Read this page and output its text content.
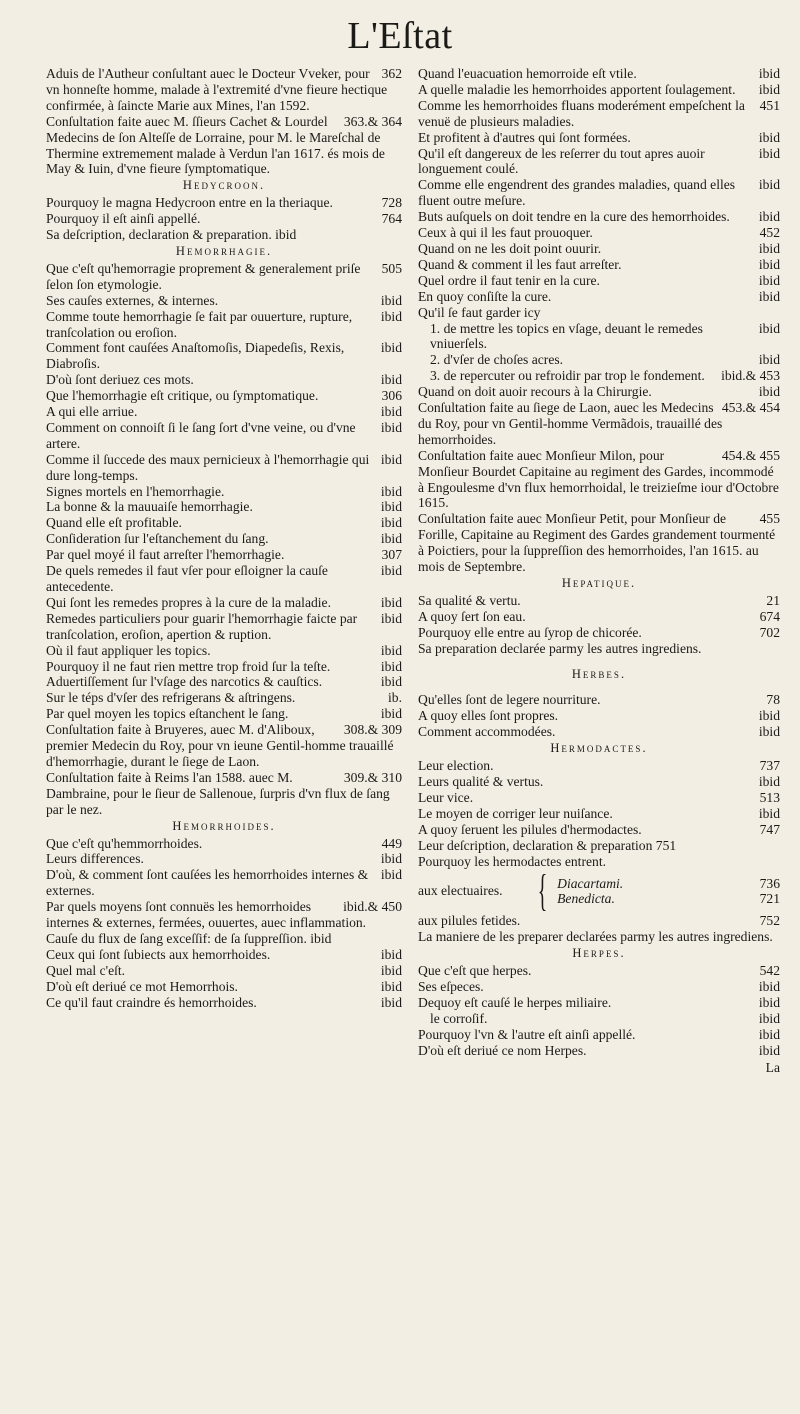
L'Eſtat
362
Aduis de l'Autheur conſultant auec le Docteur Vveker, pour vn honneſte homme, malade à l'extremité d'vne fieure hectique confirmée, à ſaincte Marie aux Mines, l'an 1592.
363.& 364
Conſultation faite auec M. ſſieurs Cachet & Lourdel Medecins de ſon Alteſſe de Lorraine, pour M. le Mareſchal de Thermine extremement malade à Verdun l'an 1617. és mois de May & Iuin, d'vne fieure ſymptomatique.
Hedycroon.
728
Pourquoy le magna Hedycroon entre en la theriaque.
764
Pourquoy il eſt ainſi appellé.
Sa deſcription, declaration & preparation. ibid
Hemorrhagie.
505
Que c'eſt qu'hemorragie proprement & generalement priſe ſelon ſon etymologie.
ibid
Ses cauſes externes, & internes.
ibid
Comme toute hemorrhagie ſe fait par ouuerture, rupture, tranſcolation ou eroſion.
ibid
Comment font cauſées Anaſtomoſis, Diapedeſis, Rexis, Diabroſis.
ibid
D'où ſont deriuez ces mots.
306
Que l'hemorrhagie eſt critique, ou ſymptomatique.
ibid
A qui elle arriue.
ibid
Comment on connoiſt ſi le ſang ſort d'vne veine, ou d'vne artere.
ibid
Comme il ſuccede des maux pernicieux à l'hemorrhagie qui dure long-temps.
ibid
Signes mortels en l'hemorrhagie.
ibid
La bonne & la mauuaiſe hemorrhagie.
ibid
Quand elle eſt profitable.
ibid
Conſideration ſur l'eſtanchement du ſang.
307
Par quel moyé il faut arreſter l'hemorrhagie.
ibid
De quels remedes il faut vſer pour eſloigner la cauſe antecedente.
ibid
Qui ſont les remedes propres à la cure de la maladie.
ibid
Remedes particuliers pour guarir l'hemorrhagie faicte par tranſcolation, eroſion, apertion & ruption.
ibid
Où il faut appliquer les topics.
ibid
Pourquoy il ne faut rien mettre trop froid ſur la teſte.
ibid
Aduertiſſement ſur l'vſage des narcotics & cauſtics.
ib.
Sur le téps d'vſer des refrigerans & aſtringens.
ibid
Par quel moyen les topics eſtanchent le ſang.
308.& 309
Conſultation faite à Bruyeres, auec M. d'Aliboux, premier Medecin du Roy, pour vn ieune Gentil-homme trauaillé d'hemorrhagie, durant le ſiege de Laon.
309.& 310
Conſultation faite à Reims l'an 1588. auec M. Dambraine, pour le ſieur de Sallenoue, ſurpris d'vn flux de ſang par le nez.
Hemorrhoides.
449
Que c'eſt qu'hemmorrhoides.
ibid
Leurs differences.
ibid
D'où, & comment ſont cauſées les hemorrhoides internes & externes.
ibid.& 450
Par quels moyens ſont connuës les hemorrhoides internes & externes, fermées, ouuertes, auec inflammation.
Cauſe du flux de ſang exceſſif: de ſa ſuppreſſion. ibid
ibid
Ceux qui ſont ſubiects aux hemorrhoides.
ibid
Quel mal c'eſt.
ibid
D'où eſt deriué ce mot Hemorrhois.
ibid
Ce qu'il faut craindre és hemorrhoides.
ibid
Quand l'euacuation hemorroide eſt vtile.
ibid
A quelle maladie les hemorrhoides apportent ſoulagement.
451
Comme les hemorrhoides fluans moderément empeſchent la venuë de plusieurs maladies.
ibid
Et profitent à d'autres qui ſont formées.
ibid
Qu'il eſt dangereux de les reſerrer du tout apres auoir longuement coulé.
ibid
Comme elle engendrent des grandes maladies, quand elles fluent outre meſure.
ibid
Buts auſquels on doit tendre en la cure des hemorrhoides.
452
Ceux à qui il les faut prouoquer.
ibid
Quand on ne les doit point ouurir.
ibid
Quand & comment il les faut arreſter.
ibid
Quel ordre il faut tenir en la cure.
ibid
En quoy conſiſte la cure.
Qu'il ſe faut garder icy
ibid
1. de mettre les topics en vſage, deuant le remedes vniuerſels.
ibid
2. d'vſer de choſes acres.
ibid.& 453
3. de repercuter ou refroidir par trop le fondement.
ibid
Quand on doit auoir recours à la Chirurgie.
453.& 454
Conſultation faite au ſiege de Laon, auec les Medecins du Roy, pour vn Gentil-homme Vermãdois, trauaillé des hemorrhoides.
454.& 455
Conſultation faite auec Monſieur Milon, pour Monſieur Bourdet Capitaine au regiment des Gardes, incommodé à Engoulesme d'vn flux hemorrhoidal, le treizieſme iour d'Octobre 1615.
455
Conſultation faite auec Monſieur Petit, pour Monſieur de Forille, Capitaine au Regiment des Gardes grandement tourmenté à Poictiers, pour la ſuppreſſion des hemorrhoides, l'an 1615. au mois de Septembre.
Hepatique.
21
Sa qualité & vertu.
674
A quoy ſert ſon eau.
702
Pourquoy elle entre au ſyrop de chicorée.
Sa preparation declarée parmy les autres ingrediens.
Herbes.
78
Qu'elles ſont de legere nourriture.
ibid
A quoy elles ſont propres.
ibid
Comment accommodées.
Hermodactes.
737
Leur election.
ibid
Leurs qualité & vertus.
513
Leur vice.
ibid
Le moyen de corriger leur nuiſance.
747
A quoy ſeruent les pilules d'hermodactes.
Leur deſcription, declaration & preparation 751
Pourquoy les hermodactes entrent.
aux electuaires. { Diacartami.	736
Benedicta.	721
752
aux pilules fetides.
La maniere de les preparer declarées parmy les autres ingrediens.
Herpes.
542
Que c'eſt que herpes.
ibid
Ses eſpeces.
ibid
Dequoy eſt cauſé le herpes miliaire.
ibid
le corroſif.
ibid
Pourquoy l'vn & l'autre eſt ainſi appellé.
ibid
D'où eſt deriué ce nom Herpes.
La
